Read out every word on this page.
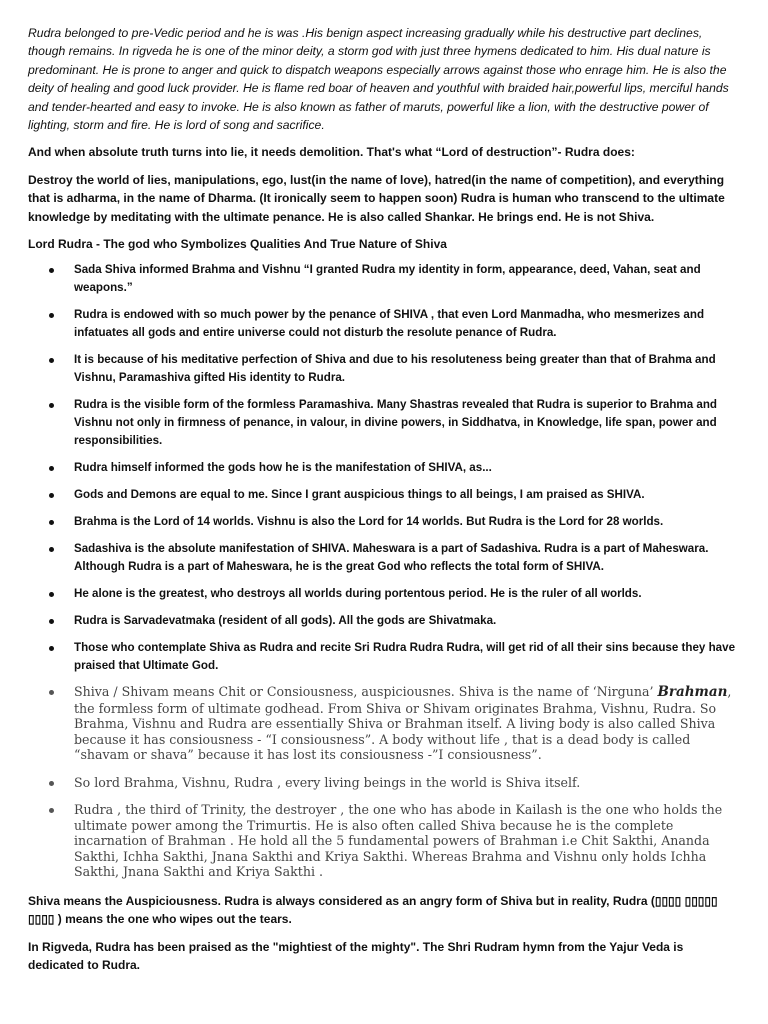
Rudra belonged to pre-Vedic period and he is was .His benign aspect increasing gradually while his destructive part declines, though remains. In rigveda he is one of the minor deity, a storm god with just three hymens dedicated to him. His dual nature is predominant. He is prone to anger and quick to dispatch weapons especially arrows against those who enrage him. He is also the deity of healing and good luck provider. He is flame red boar of heaven and youthful with braided hair,powerful lips, merciful hands and tender-hearted and easy to invoke. He is also known as father of maruts, powerful like a lion, with the destructive power of lighting, storm and fire. He is lord of song and sacrifice.

And when absolute truth turns into lie, it needs demolition. That's what “Lord of destruction”- Rudra does:

Destroy the world of lies, manipulations, ego, lust(in the name of love), hatred(in the name of competition), and everything that is adharma, in the name of Dharma. (It ironically seem to happen soon) Rudra is human who transcend to the ultimate knowledge by meditating with the ultimate penance. He is also called Shankar. He brings end. He is not Shiva.

Lord Rudra - The god who Symbolizes Qualities And True Nature of Shiva

Sada Shiva informed Brahma and Vishnu “I granted Rudra my identity in form, appearance, deed, Vahan, seat and weapons.”
Rudra is endowed with so much power by the penance of SHIVA , that even Lord Manmadha, who mesmerizes and infatuates all gods and entire universe could not disturb the resolute penance of Rudra.
It is because of his meditative perfection of Shiva and due to his resoluteness being greater than that of Brahma and Vishnu, Paramashiva gifted His identity to Rudra.
Rudra is the visible form of the formless Paramashiva. Many Shastras revealed that Rudra is superior to Brahma and Vishnu not only in firmness of penance, in valour, in divine powers, in Siddhatva, in Knowledge, life span, power and responsibilities.
Rudra himself informed the gods how he is the manifestation of SHIVA, as...
Gods and Demons are equal to me. Since I grant auspicious things to all beings, I am praised as SHIVA.
Brahma is the Lord of 14 worlds. Vishnu is also the Lord for 14 worlds. But Rudra is the Lord for 28 worlds.
Sadashiva is the absolute manifestation of SHIVA. Maheswara is a part of Sadashiva. Rudra is a part of Maheswara. Although Rudra is a part of Maheswara, he is the great God who reflects the total form of SHIVA.
He alone is the greatest, who destroys all worlds during portentous period. He is the ruler of all worlds.
Rudra is Sarvadevatmaka (resident of all gods). All the gods are Shivatmaka.
Those who contemplate Shiva as Rudra and recite Sri Rudra Rudra Rudra, will get rid of all their sins because they have praised that Ultimate God.
Shiva / Shivam means Chit or Consiousness, auspiciousnes. Shiva is the name of ‘Nirguna’ Brahman, the formless form of ultimate godhead. From Shiva or Shivam originates Brahma, Vishnu, Rudra. So Brahma, Vishnu and Rudra are essentially Shiva or Brahman itself. A living body is also called Shiva because it has consiousness - “I consiousness”. A body without life , that is a dead body is called “shavam or shava” because it has lost its consiousness -”I consiousness”.
So lord Brahma, Vishnu, Rudra , every living beings in the world is Shiva itself.
Rudra , the third of Trinity, the destroyer , the one who has abode in Kailash is the one who holds the ultimate power among the Trimurtis. He is also often called Shiva because he is the complete incarnation of Brahman . He hold all the 5 fundamental powers of Brahman i.e Chit Sakthi, Ananda Sakthi, Ichha Sakthi, Jnana Sakthi and Kriya Sakthi. Whereas Brahma and Vishnu only holds Ichha Sakthi, Jnana Sakthi and Kriya Sakthi .

Shiva means the Auspiciousness. Rudra is always considered as an angry form of Shiva but in reality, Rudra (▯▯▯▯ ▯▯▯▯▯ ▯▯▯▯ ) means the one who wipes out the tears.

In Rigveda, Rudra has been praised as the "mightiest of the mighty". The Shri Rudram hymn from the Yajur Veda is dedicated to Rudra.
